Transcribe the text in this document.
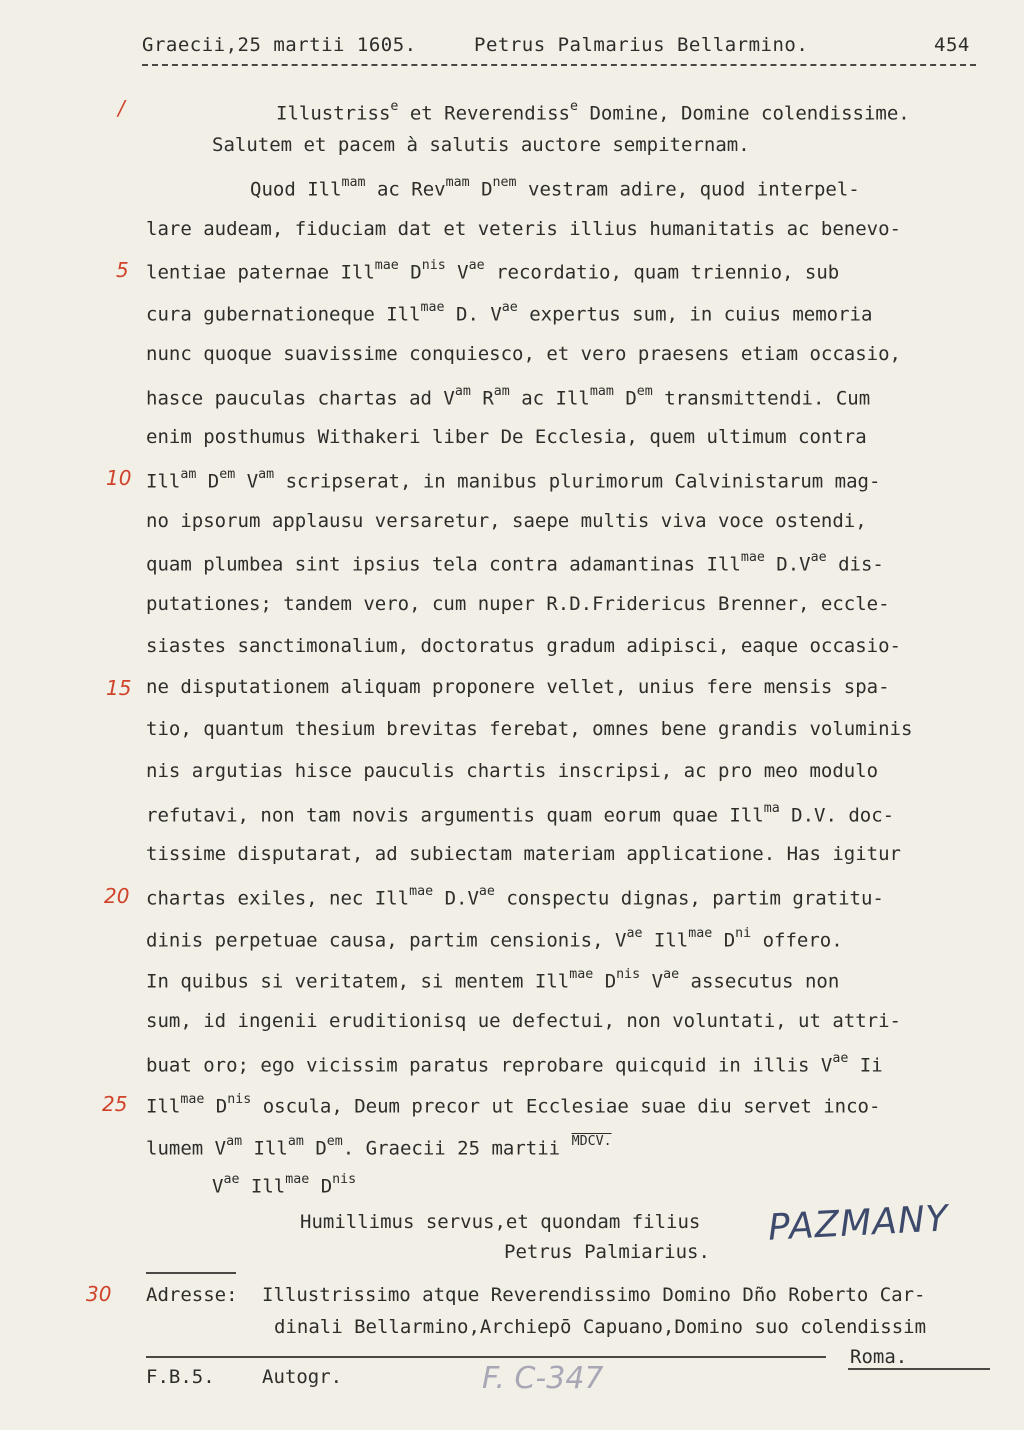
Graecii,25 martii 1605.	Petrus Palmarius Bellarmino.	454
Illustriss$^e$ et Reverendiss$^e$ Domine, Domine colendissime.
Salutem et pacem à salutis auctore sempiternam.
Quod Ill$^{mam}$ ac Rev$^{mam}$ $D^{nem}$ vestram adire, quod interpel-
lare audeam, fiduciam dat et veteris illius humanitatis ac benevo-
lentiae paternae Ill$^{mae}$ $D^{nis}$ $V^{ae}$ recordatio, quam triennio, sub
cura gubernationeque Ill$^{mae}$ D. $V^{ae}$ expertus sum, in cuius memoria
nunc quoque suavissime conquiesco, et vero praesens etiam occasio,
hasce pauculas chartas ad $V^{am}$ $R^{am}$ ac Ill$^{mam}$ $D^{em}$ transmittendi. Cum
enim posthumus Withakeri liber De Ecclesia, quem ultimum contra
Ill$^{am}$ $D^{em}$ $V^{am}$ scripserat, in manibus plurimorum Calvinistarum mag-
no ipsorum applausu versaretur, saepe multis viva voce ostendi,
quam plumbea sint ipsius tela contra adamantinas Ill$^{mae}$ $D.V^{ae}$ dis-
putationes; tandem vero, cum nuper R.D.Fridericus Brenner, eccle-
siastes sanctimonalium, doctoratus gradum adipisci, eaque occasio-
ne disputationem aliquam proponere vellet, unius fere mensis spa-
tio, quantum thesium brevitas ferebat, omnes bene grandis voluminis
nis argutias hisce pauculis chartis inscripsi, ac pro meo modulo
refutavi, non tam novis argumentis quam eorum quae Ill$^{ma}$ D.V. doc-
tissime disputarat, ad subiectam materiam applicatione. Has igitur
chartas exiles, nec Ill$^{mae}$ $D.V^{ae}$ conspectu dignas, partim gratitu-
dinis perpetuae causa, partim censionis, $V^{ae}$ Ill$^{mae}$ $D^{ni}$ offero.
In quibus si veritatem, si mentem Ill$^{mae}$ $D^{nis}$ $V^{ae}$ assecutus non
sum, id ingenii eruditionisq ue defectui, non voluntati, ut attri-
buat oro; ego vicissim paratus reprobare quicquid in illis $V^{ae}$ Ii
Ill$^{mae}$ $D^{nis}$ oscula, Deum precor ut Ecclesiae suae diu servet inco-
lumem $V^{am}$ Ill$^{am}$ $D^{em}$. Graecii 25 martii $^{MDCV.}$
$V^{ae}$ Ill$^{mae}$ $D^{nis}$
Humillimus servus,et quondam filius
Petrus Palmiarius.
PAZMANY
Adresse: Illustrissimo atque Reverendissimo Domino Dño Roberto Car-
dinali Bellarmino,Archiepō Capuano,Domino suo colendissim
Roma.
F.B.5. Autogr.	F. C-347
/
5
10
15
20
25
30
